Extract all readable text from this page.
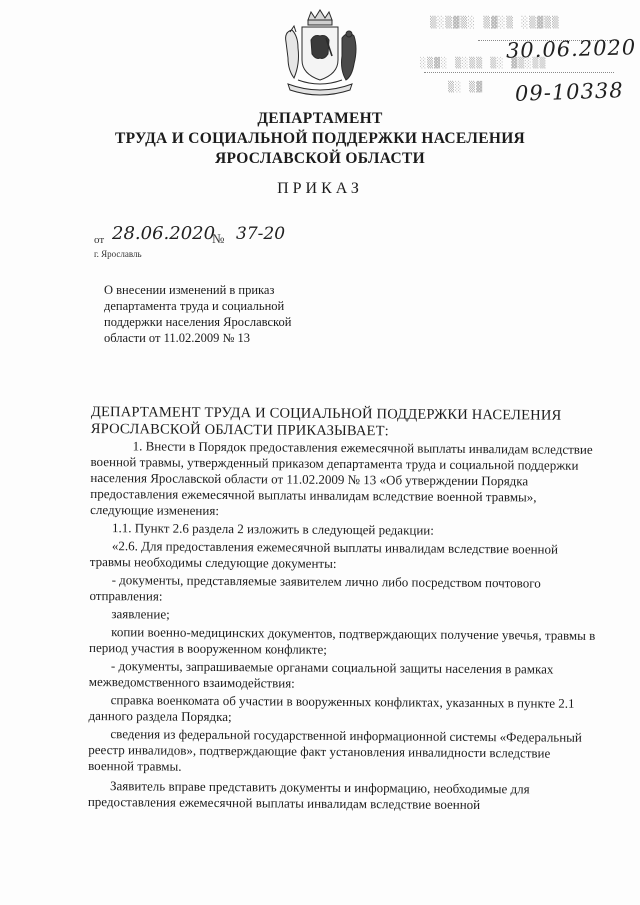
▒░▒▓▒░ ▒▓░▒ ░▒▓▒▒
░▒▓░ ▒░▒▒ ▒░ ▓▒░▒▒
▒░ ▒▓
30.06.2020
09-10338
ДЕПАРТАМЕНТ
ТРУДА И СОЦИАЛЬНОЙ ПОДДЕРЖКИ НАСЕЛЕНИЯ
ЯРОСЛАВСКОЙ ОБЛАСТИ
ПРИКАЗ
от 28.06.2020
№ 37-20
г. Ярославль
О внесении изменений в приказ
департамента труда и социальной
поддержки населения Ярославской
области от 11.02.2009 № 13
ДЕПАРТАМЕНТ ТРУДА И СОЦИАЛЬНОЙ ПОДДЕРЖКИ НАСЕЛЕНИЯ ЯРОСЛАВСКОЙ ОБЛАСТИ ПРИКАЗЫВАЕТ:
1. Внести в Порядок предоставления ежемесячной выплаты инвалидам вследствие военной травмы, утвержденный приказом департамента труда и социальной поддержки населения Ярославской области от 11.02.2009 № 13 «Об утверждении Порядка предоставления ежемесячной выплаты инвалидам вследствие военной травмы», следующие изменения:
1.1. Пункт 2.6 раздела 2 изложить в следующей редакции:
«2.6. Для предоставления ежемесячной выплаты инвалидам вследствие военной травмы необходимы следующие документы:
- документы, представляемые заявителем лично либо посредством почтового отправления:
заявление;
копии военно-медицинских документов, подтверждающих получение увечья, травмы в период участия в вооруженном конфликте;
- документы, запрашиваемые органами социальной защиты населения в рамках межведомственного взаимодействия:
справка военкомата об участии в вооруженных конфликтах, указанных в пункте 2.1 данного раздела Порядка;
сведения из федеральной государственной информационной системы «Федеральный реестр инвалидов», подтверждающие факт установления инвалидности вследствие военной травмы.
Заявитель вправе представить документы и информацию, необходимые для предоставления ежемесячной выплаты инвалидам вследствие военной
